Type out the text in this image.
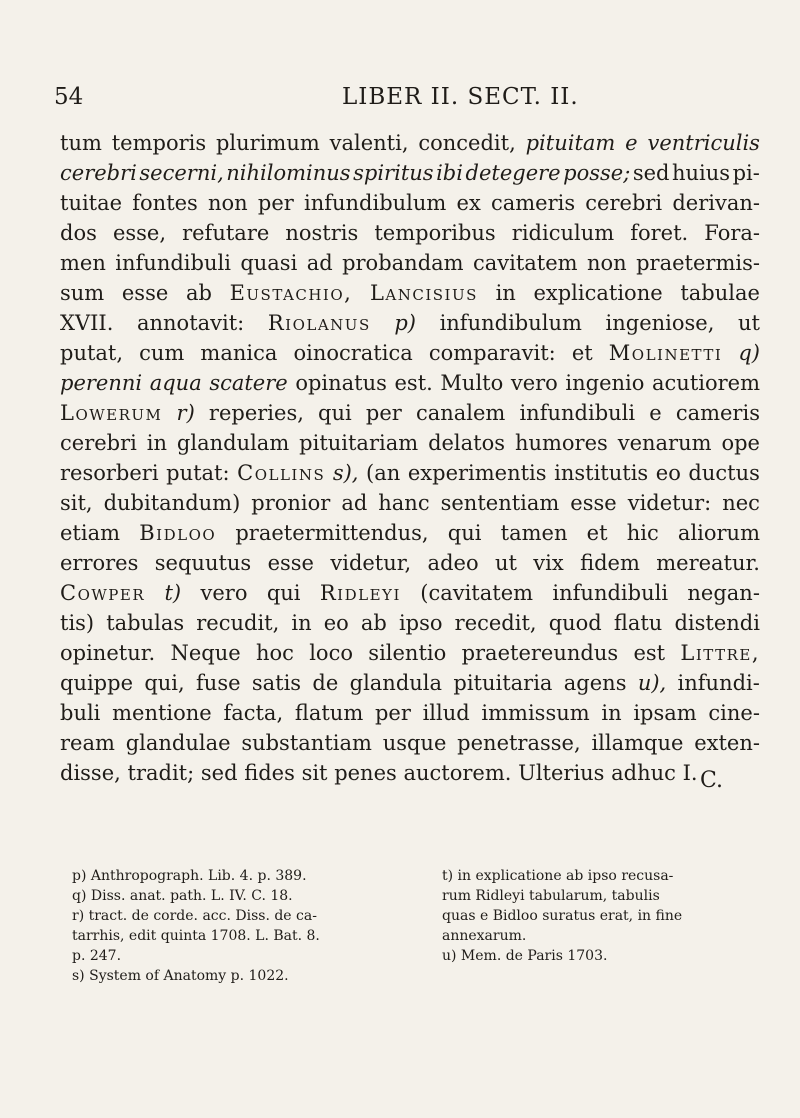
54	LIBER II. SECT. II.
tum temporis plurimum valenti, concedit, pituitam e ventriculis
cerebri secerni, nihilominus spiritus ibi detegere posse; sed huius pi-
tuitae fontes non per infundibulum ex cameris cerebri derivan-
dos esse, refutare nostris temporibus ridiculum foret. Fora-
men infundibuli quasi ad probandam cavitatem non praetermis-
sum esse ab Eustachio, Lancisius in explicatione tabulae
XVII. annotavit: Riolanus p) infundibulum ingeniose, ut
putat, cum manica oinocratica comparavit: et Molinetti q)
perenni aqua scatere opinatus est. Multo vero ingenio acutiorem
Lowerum r) reperies, qui per canalem infundibuli e cameris
cerebri in glandulam pituitariam delatos humores venarum ope
resorberi putat: Collins s), (an experimentis institutis eo ductus
sit, dubitandum) pronior ad hanc sententiam esse videtur: nec
etiam Bidloo praetermittendus, qui tamen et hic aliorum
errores sequutus esse videtur, adeo ut vix fidem mereatur.
Cowper t) vero qui Ridleyi (cavitatem infundibuli negan-
tis) tabulas recudit, in eo ab ipso recedit, quod flatu distendi
opinetur. Neque hoc loco silentio praetereundus est Littre,
quippe qui, fuse satis de glandula pituitaria agens u), infundi-
buli mentione facta, flatum per illud immissum in ipsam cine-
ream glandulae substantiam usque penetrasse, illamque exten-
disse,
tradit;
sed
fides
sit
penes
auctorem.
Ulterius
adhuc
I. C.
p) Anthropograph. Lib. 4. p. 389.
q) Diss. anat. path. L. IV. C. 18.
r) tract. de corde. acc. Diss. de ca-
tarrhis, edit quinta 1708. L. Bat. 8.
p. 247.
s) System of Anatomy p. 1022.
t) in explicatione ab ipso recusa-
rum Ridleyi tabularum, tabulis
quas e Bidloo suratus erat, in fine
annexarum.
u) Mem. de Paris 1703.
